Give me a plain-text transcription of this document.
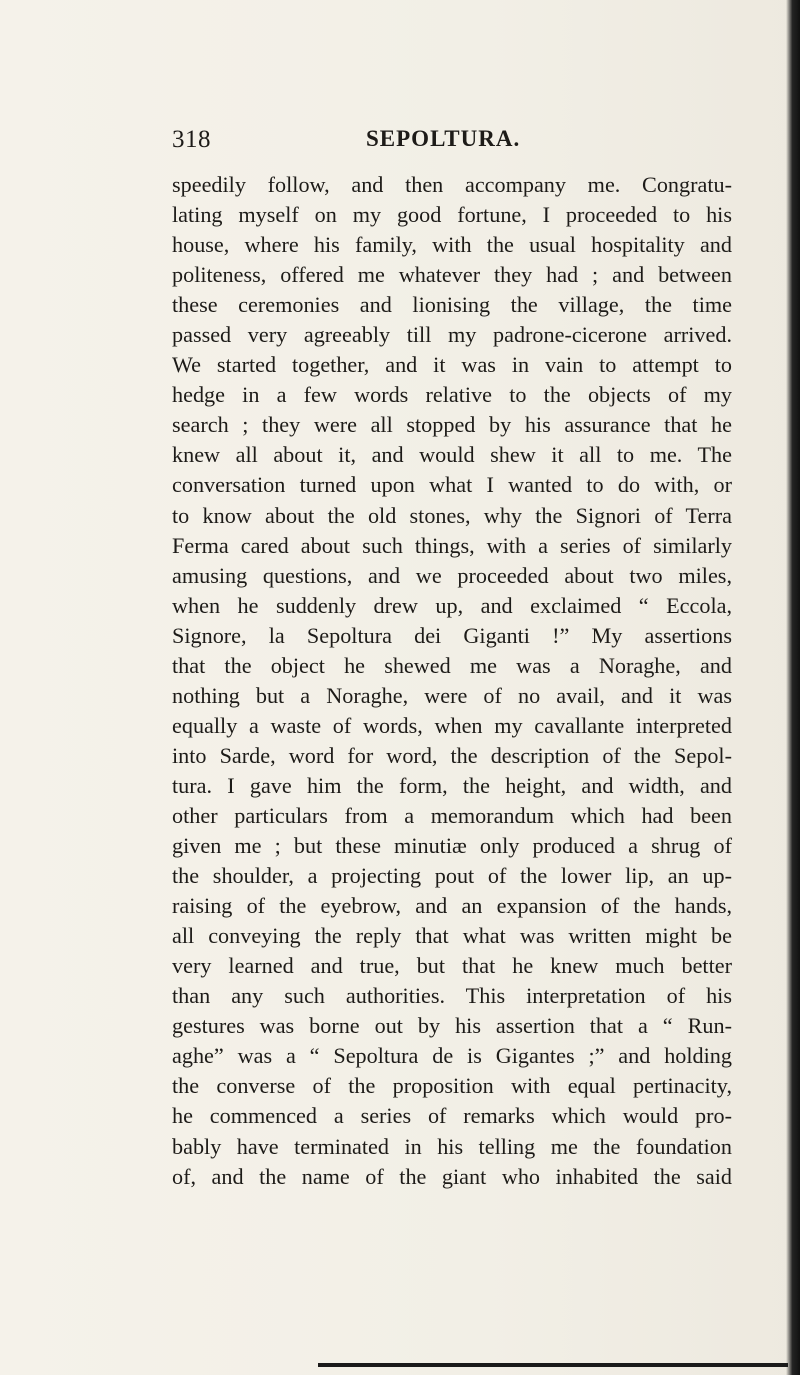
318	SEPOLTURA.
speedily follow, and then accompany me. Congratu-
lating myself on my good fortune, I proceeded to his
house, where his family, with the usual hospitality and
politeness, offered me whatever they had ; and between
these ceremonies and lionising the village, the time
passed very agreeably till my padrone-cicerone arrived.
We started together, and it was in vain to attempt to
hedge in a few words relative to the objects of my
search ; they were all stopped by his assurance that he
knew all about it, and would shew it all to me. The
conversation turned upon what I wanted to do with, or
to know about the old stones, why the Signori of Terra
Ferma cared about such things, with a series of similarly
amusing questions, and we proceeded about two miles,
when he suddenly drew up, and exclaimed “ Eccola,
Signore, la Sepoltura dei Giganti !” My assertions
that the object he shewed me was a Noraghe, and
nothing but a Noraghe, were of no avail, and it was
equally a waste of words, when my cavallante interpreted
into Sarde, word for word, the description of the Sepol-
tura. I gave him the form, the height, and width, and
other particulars from a memorandum which had been
given me ; but these minutiæ only produced a shrug of
the shoulder, a projecting pout of the lower lip, an up-
raising of the eyebrow, and an expansion of the hands,
all conveying the reply that what was written might be
very learned and true, but that he knew much better
than any such authorities. This interpretation of his
gestures was borne out by his assertion that a “ Run-
aghe” was a “ Sepoltura de is Gigantes ;” and holding
the converse of the proposition with equal pertinacity,
he commenced a series of remarks which would pro-
bably have terminated in his telling me the foundation
of, and the name of the giant who inhabited the said
